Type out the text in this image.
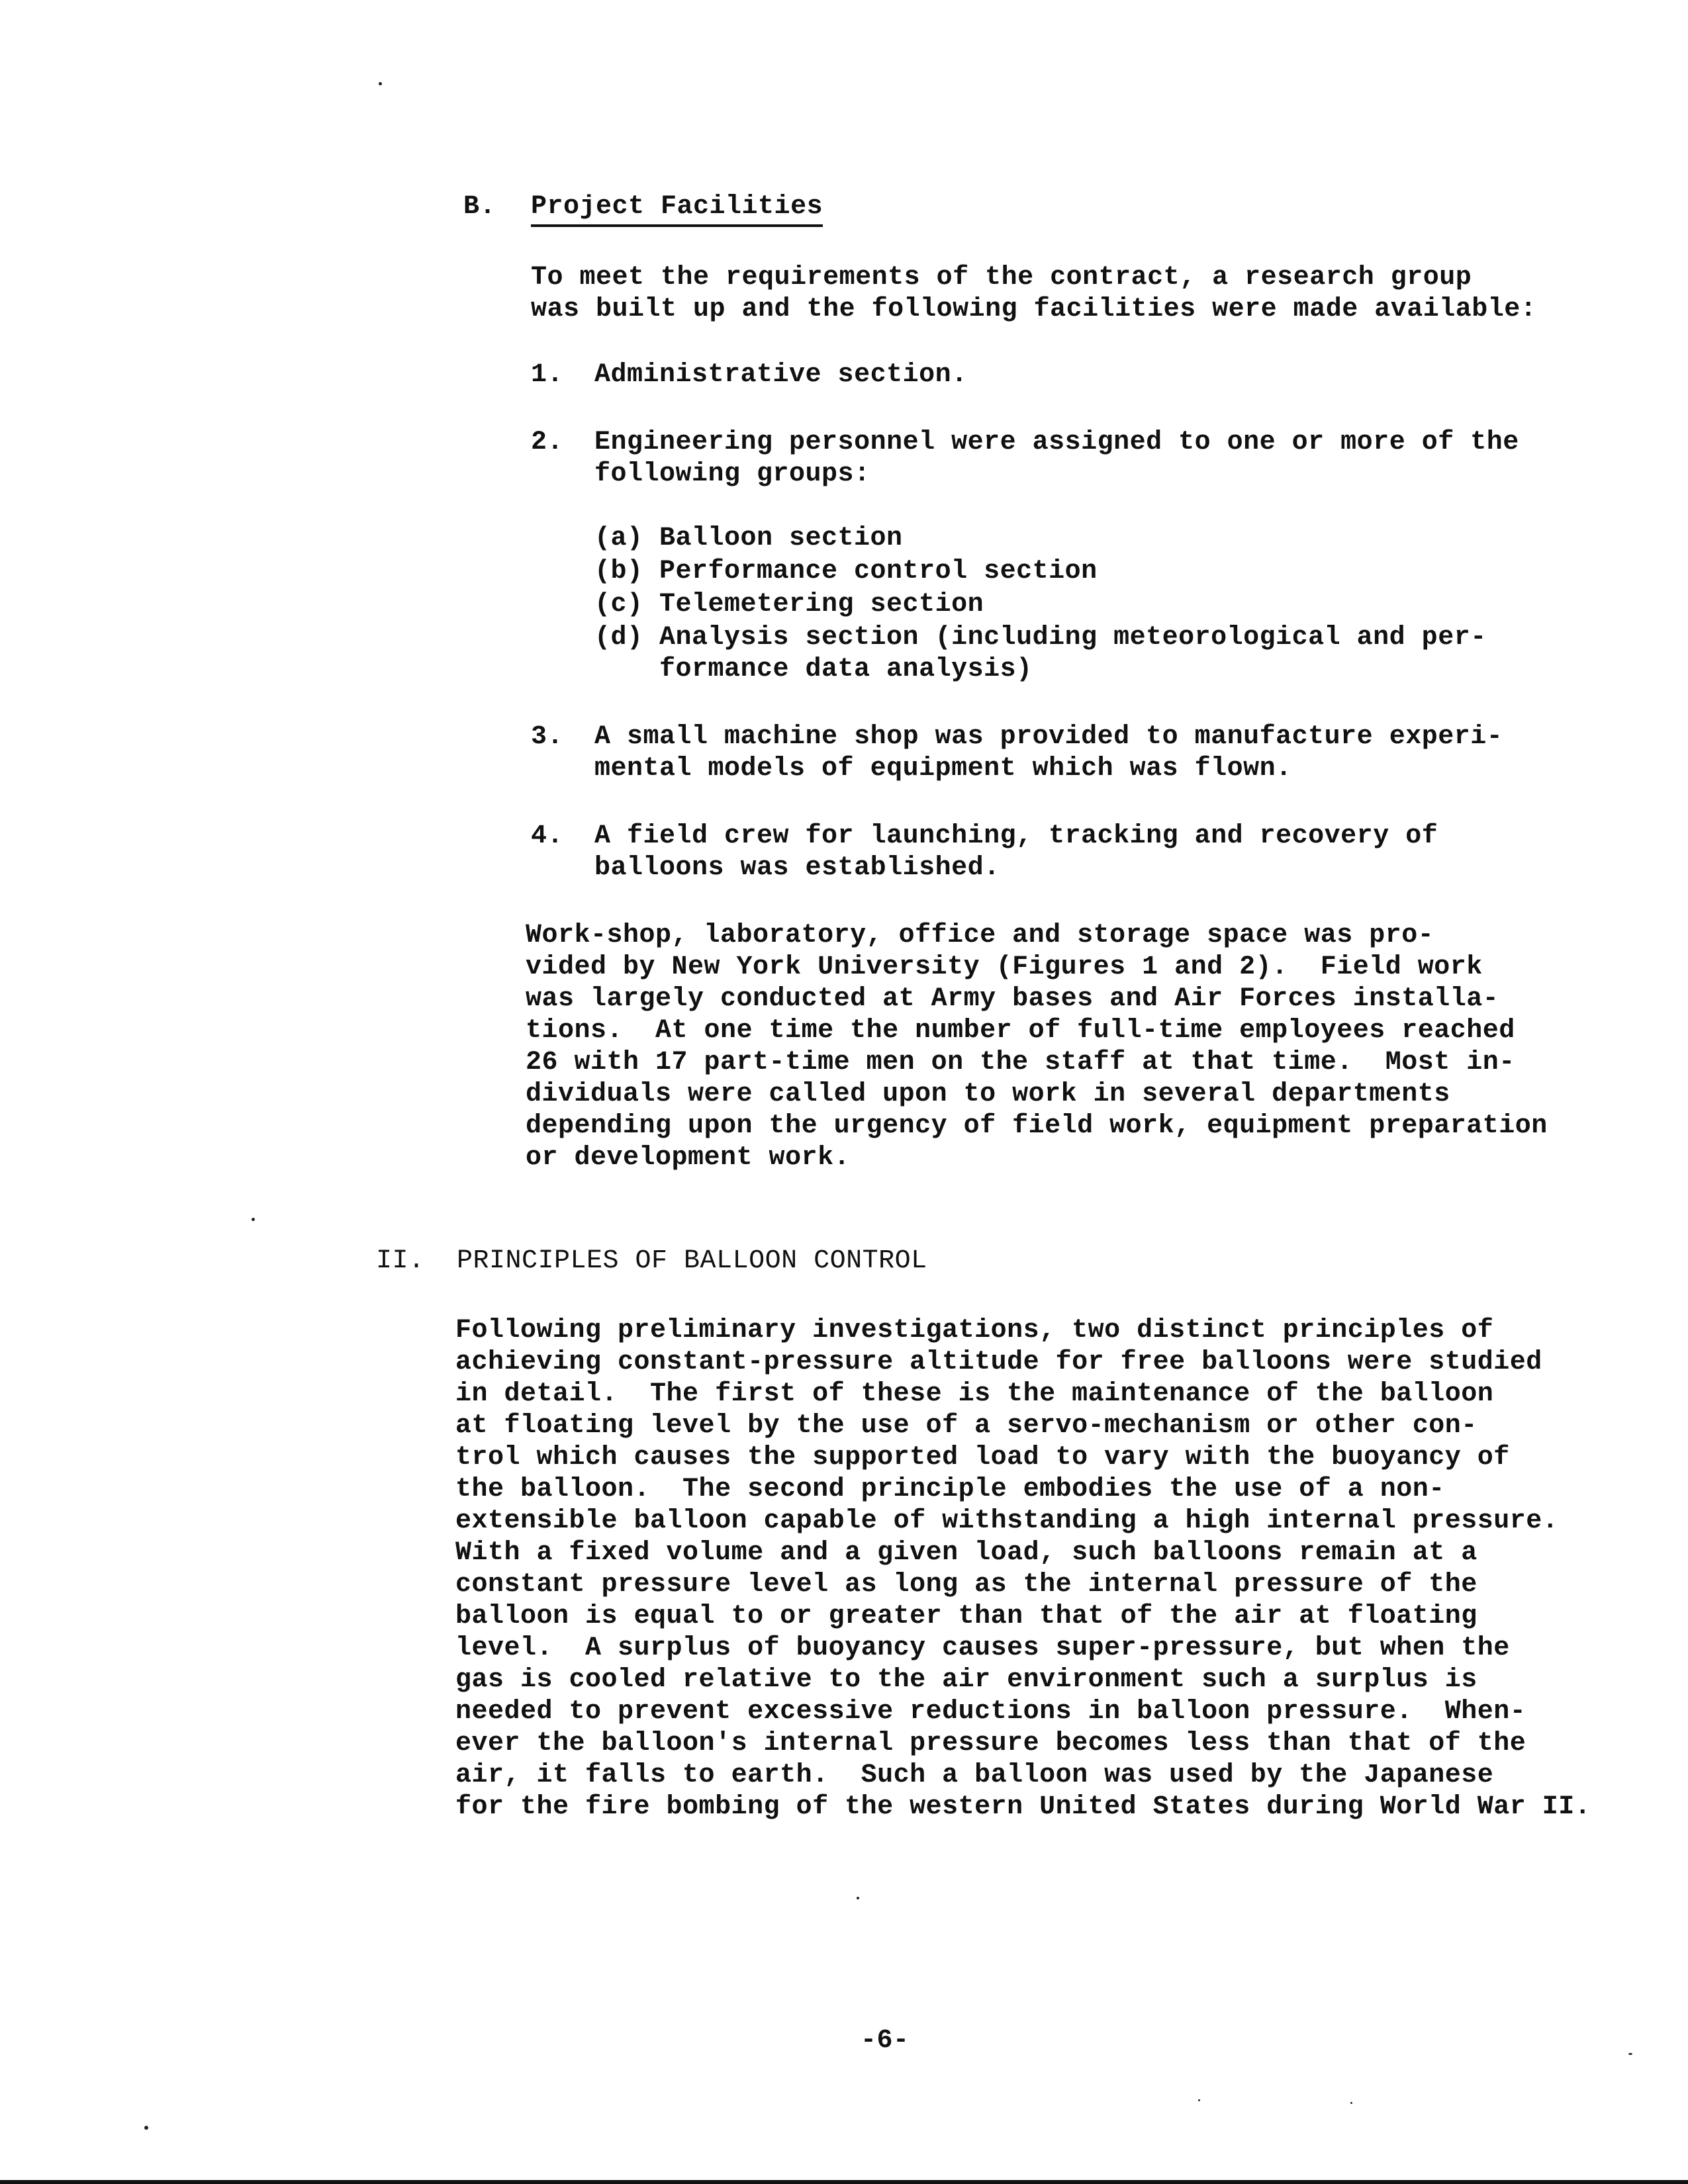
B. Project Facilities
To meet the requirements of the contract, a research group
was built up and the following facilities were made available:
1. Administrative section.
2. Engineering personnel were assigned to one or more of the
following groups:
(a) Balloon section
(b) Performance control section
(c) Telemetering section
(d) Analysis section (including meteorological and per-
formance data analysis)
3. A small machine shop was provided to manufacture experi-
mental models of equipment which was flown.
4. A field crew for launching, tracking and recovery of
balloons was established.
Work-shop, laboratory, office and storage space was pro-
vided by New York University (Figures 1 and 2).  Field work
was largely conducted at Army bases and Air Forces installa-
tions.  At one time the number of full-time employees reached
26 with 17 part-time men on the staff at that time.  Most in-
dividuals were called upon to work in several departments
depending upon the urgency of field work, equipment preparation
or development work.
II. PRINCIPLES OF BALLOON CONTROL
Following preliminary investigations, two distinct principles of
achieving constant-pressure altitude for free balloons were studied
in detail.  The first of these is the maintenance of the balloon
at floating level by the use of a servo-mechanism or other con-
trol which causes the supported load to vary with the buoyancy of
the balloon.  The second principle embodies the use of a non-
extensible balloon capable of withstanding a high internal pressure.
With a fixed volume and a given load, such balloons remain at a
constant pressure level as long as the internal pressure of the
balloon is equal to or greater than that of the air at floating
level.  A surplus of buoyancy causes super-pressure, but when the
gas is cooled relative to the air environment such a surplus is
needed to prevent excessive reductions in balloon pressure.  When-
ever the balloon's internal pressure becomes less than that of the
air, it falls to earth.  Such a balloon was used by the Japanese
for the fire bombing of the western United States during World War II.
-6-
